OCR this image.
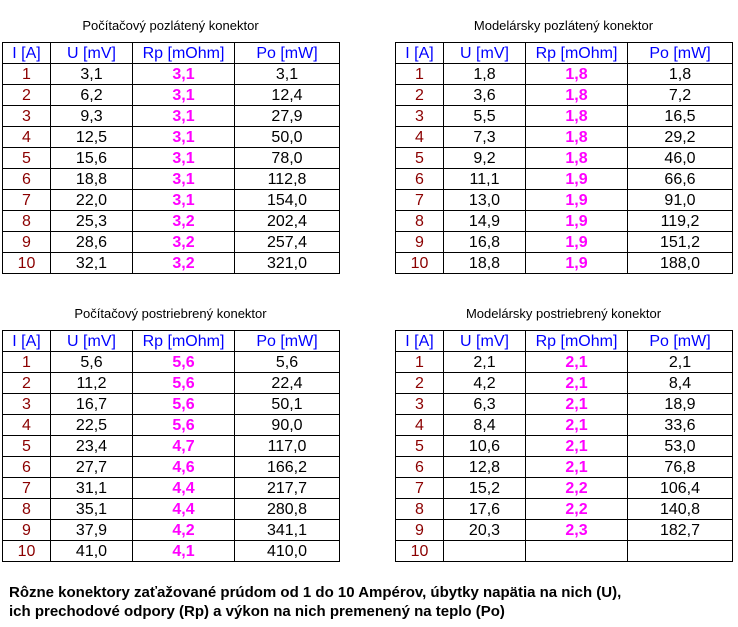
Počítačový pozlátený konektor
I [A]	U [mV]	Rp [mOhm]	Po [mW]
1	3,1	3,1	3,1
2	6,2	3,1	12,4
3	9,3	3,1	27,9
4	12,5	3,1	50,0
5	15,6	3,1	78,0
6	18,8	3,1	112,8
7	22,0	3,1	154,0
8	25,3	3,2	202,4
9	28,6	3,2	257,4
10	32,1	3,2	321,0
Modelársky pozlátený konektor
I [A]	U [mV]	Rp [mOhm]	Po [mW]
1	1,8	1,8	1,8
2	3,6	1,8	7,2
3	5,5	1,8	16,5
4	7,3	1,8	29,2
5	9,2	1,8	46,0
6	11,1	1,9	66,6
7	13,0	1,9	91,0
8	14,9	1,9	119,2
9	16,8	1,9	151,2
10	18,8	1,9	188,0
Počítačový postriebrený konektor
I [A]	U [mV]	Rp [mOhm]	Po [mW]
1	5,6	5,6	5,6
2	11,2	5,6	22,4
3	16,7	5,6	50,1
4	22,5	5,6	90,0
5	23,4	4,7	117,0
6	27,7	4,6	166,2
7	31,1	4,4	217,7
8	35,1	4,4	280,8
9	37,9	4,2	341,1
10	41,0	4,1	410,0
Modelársky postriebrený konektor
I [A]	U [mV]	Rp [mOhm]	Po [mW]
1	2,1	2,1	2,1
2	4,2	2,1	8,4
3	6,3	2,1	18,9
4	8,4	2,1	33,6
5	10,6	2,1	53,0
6	12,8	2,1	76,8
7	15,2	2,2	106,4
8	17,6	2,2	140,8
9	20,3	2,3	182,7
10			
Rôzne konektory zaťažované prúdom od 1 do 10 Ampérov, úbytky napätia na nich (U),
ich prechodové odpory (Rp) a výkon na nich premenený na teplo (Po)
